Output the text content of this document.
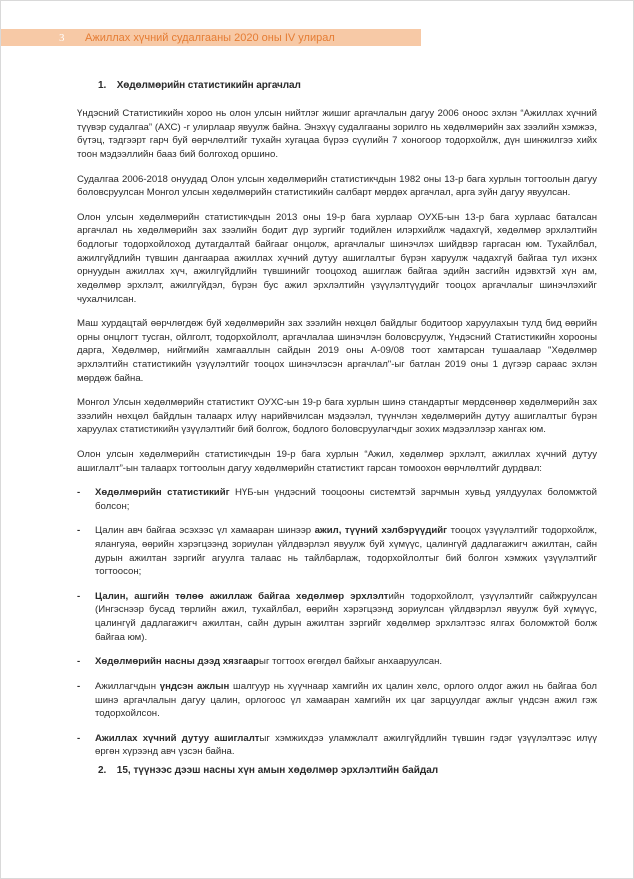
3	Ажиллах хүчний судалгааны 2020 оны IV улирал
1. Хөдөлмөрийн статистикийн аргачлал

Үндэсний Статистикийн хороо нь олон улсын нийтлэг жишиг аргачлалын дагуу 2006 оноос эхлэн “Ажиллах хүчний түүвэр судалгаа” (АХС) -г улирлаар явуулж байна. Энэхүү судалгааны зорилго нь хөдөлмөрийн зах зээлийн хэмжээ, бүтэц, тэдгээрт гарч буй өөрчлөлтийг тухайн хугацаа бүрээ сүүлийн 7 хоногоор тодорхойлж, дүн шинжилгээ хийх тоон мэдээллийн бааз бий болгоход оршино.

Судалгаа 2006-2018 онуудад Олон улсын хөдөлмөрийн статистикчдын 1982 оны 13-р бага хурлын тогтоолын дагуу боловсруулсан Монгол улсын хөдөлмөрийн статистикийн салбарт мөрдөх аргачлал, арга зүйн дагуу явуулсан.

Олон улсын хөдөлмөрийн статистикчдын 2013 оны 19-р бага хурлаар ОУХБ-ын 13-р бага хурлаас баталсан аргачлал нь хөдөлмөрийн зах зээлийн бодит дүр зургийг тодийлен илэрхийлж чадахгүй, хөдөлмөр эрхлэлтийн бодлогыг тодорхойлоход дутагдалтай байгааг онцолж, аргачлалыг шинэчлэх шийдвэр гаргасан юм. Тухайлбал, ажилгүйдлийн түвшин дангаараа ажиллах хүчний дутуу ашиглалтыг бүрэн харуулж чадахгүй байгаа тул ихэнх орнуудын ажиллах хүч, ажилгүйдлийн түвшинийг тооцоход ашиглаж байгаа эдийн засгийн идэвхтэй хүн ам, хөдөлмөр эрхлэлт, ажилгүйдэл, бүрэн бус ажил эрхлэлтийн үзүүлэлтүүдийг тооцох аргачлалыг шинэчлэхийг чухалчилсан.

Маш хурдацтай өөрчлөгдөж буй хөдөлмөрийн зах зээлийн нөхцөл байдлыг бодитоор харуулахын тулд бид өөрийн орны онцлогт тусган, ойлголт, тодорхойлолт, аргачлалаа шинэчлэн боловсруулж, Үндэсний Статистикийн хорооны дарга, Хөдөлмөр, нийгмийн хамгааллын сайдын 2019 оны А-09/08 тоот хамтарсан тушаалаар "Хөдөлмөр эрхлэлтийн статистикийн үзүүлэлтийг тооцох шинэчлэсэн аргачлал"-ыг батлан 2019 оны 1 дүгээр сараас эхлэн мөрдөж байна.

Монгол Улсын хөдөлмөрийн статистикт ОУХС-ын 19-р бага хурлын шинэ стандартыг мөрдсөнөөр хөдөлмөрийн зах зээлийн нөхцөл байдлын талаарх илүү нарийвчилсан мэдээлэл, түүнчлэн хөдөлмөрийн дутуу ашиглалтыг бүрэн харуулах статистикийн үзүүлэлтийг бий болгож, бодлого боловсруулагчдыг зохих мэдээллээр хангах юм.

Олон улсын хөдөлмөрийн статистикчдын 19-р бага хурлын “Ажил, хөдөлмөр эрхлэлт, ажиллах хүчний дутуу ашиглалт”-ын талаарх тогтоолын дагуу хөдөлмөрийн статистикт гарсан томоохон өөрчлөлтийг дурдвал:

- Хөдөлмөрийн статистикийг НҮБ-ын үндэсний тооцооны системтэй зарчмын хувьд уялдуулах боломжтой болсон;
- Цалин авч байгаа эсэхээс үл хамааран шинээр ажил, түүний хэлбэрүүдийг тооцох үзүүлэлтийг тодорхойлж, ялангуяа, өөрийн хэрэгцээнд зориулан үйлдвэрлэл явуулж буй хүмүүс, цалингүй дадлагажигч ажилтан, сайн дурын ажилтан зэргийг агуулга талаас нь тайлбарлаж, тодорхойлолтыг бий болгон хэмжих үзүүлэлтийг тогтоосон;
- Цалин, ашгийн төлөө ажиллаж байгаа хөдөлмөр эрхлэлтийн тодорхойлолт, үзүүлэлтийг сайжруулсан (Ингэснээр бусад төрлийн ажил, тухайлбал, өөрийн хэрэгцээнд зориулсан үйлдвэрлэл явуулж буй хүмүүс, цалингүй дадлагажигч ажилтан, сайн дурын ажилтан зэргийг хөдөлмөр эрхлэлтээс ялгах боломжтой болж байгаа юм).
- Хөдөлмөрийн насны дээд хязгаарыг тогтоох өгөгдөл байхыг анхааруулсан.
- Ажиллагчдын үндсэн ажлын шалгуур нь хүүчнаар хамгийн их цалин хөлс, орлого олдог ажил нь байгаа бол шинэ аргачлалын дагуу цалин, орлогоос үл хамааран хамгийн их цаг зарцуулдаг ажлыг үндсэн ажил гэж тодорхойлсон.
- Ажиллах хүчний дутуу ашиглалтыг хэмжихдээ уламжлалт ажилгүйдлийн түвшин гэдэг үзүүлэлтээс илүү өргөн хүрээнд авч үзсэн байна.
2. 15, түүнээс дээш насны хүн амын хөдөлмөр эрхлэлтийн байдал
